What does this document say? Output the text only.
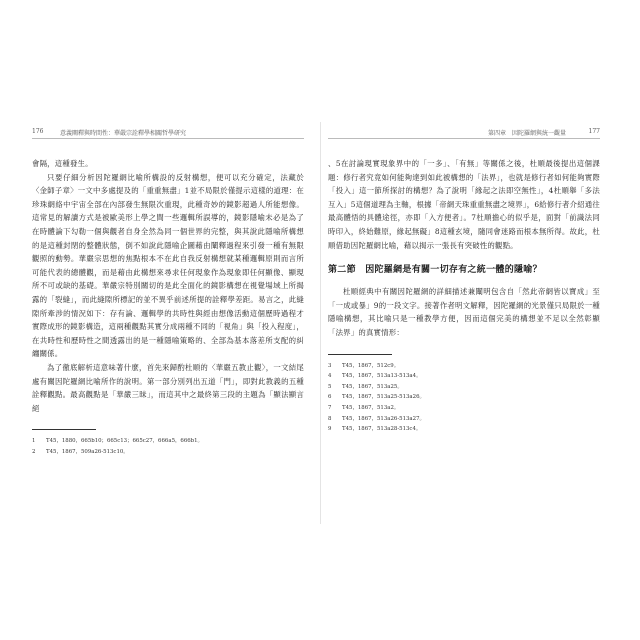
176	意義闡釋與時間性：華嚴宗詮釋學相關哲學研究

會隔，這種發生。

只要仔細分析因陀羅網比喻所構設的反射構想，便可以充分確定，法藏於〈金師子章〉一文中多處提及的「重重無盡」1並不局限於僅提示這樣的道理：在珍珠網絡中宇宙全部在內部發生無限次重現，此種奇妙的鏡影超過人所能想像。這常見的解讀方式是被歐美形上學之間一些邏輯所誤導的，鏡影隱喻未必是為了在時體論下勾勒一個與觀者自身全然為同一個世界的完整，與其說此隱喻所構想的是這種封閉的整體狀態，倒不如說此隱喻企圖藉由闡釋過程來引發一種有無限觀照的動勢。華嚴宗思想的焦點根本不在此自我反射構想就某種邏輯原則而言所可能代表的總體觀，而是藉由此構想來尋求任何現象作為現象即任何顯像、顯現所不可或缺的基礎。華嚴宗特別關切的是此全面化的鏡影構想在視覺場域上所揭露的「裂縫」，而此縫隙所標記的並不異乎前述所提的詮釋學差距。易言之，此縫隙所牽涉的情況如下：存有論、邏輯學的共時性與經由想像活動這個歷時過程才實際成形的鏡影構造，這兩種觀點其實分成兩種不同的「視角」與「投入程度」，在共時性和歷時性之間透露出的是一種隱喻策略的、全部為基本落差所支配的糾纏關係。

為了徹底解析這意味著什麼，首先來歸酌杜順的〈華嚴五教止觀〉，一文結尾處有關因陀羅網比喻所作的說明。第一部分別列出五道「門」，即對此教義的五種詮釋觀點。最高觀點是「華嚴三昧」，而這其中之最終第三段的主題為「顯法顯言絕

1 T45，1880，665b10；665c13；665c27，666a5，666b1。
2 T45，1867，509a26-513c10。
第四章　因陀羅網與統一觀量	177

、5在討論現實現象界中的「一多」、「有無」等關係之後，杜順最後提出這個課題：修行者究竟如何能夠達到如此被構想的「法界」，也就是修行者如何能夠實際「投入」這一節所探討的構想？為了說明「緣起之法即空無性」，4杜順舉「多法互入」5這個道理為主軸，根據「帝網天珠重重無盡之境界」，6給修行者介紹通往最高體悟的具體途徑，亦即「入方便者」。7杜順擔心的似乎是，面對「前識法同時印入，終始難原，緣起無礙」8這種玄境，隨同會迷路而根本無所得。故此，杜順借助因陀羅網比喻，藉以揭示一張長有突破性的觀點。

第二節　因陀羅網是有關一切存有之統一體的隱喻？

杜順經典中有關因陀羅網的詳細描述兼闡明包含自「然此帝網皆以寶成」至「一成或暴」9的一段文字。接著作者明文解釋，因陀羅網的光景僅只局限於一種隱喻構想，其比喻只是一種教學方便，因而這個完美的構想並不足以全然彰顯「法界」的真實情形：

3 T45，1867，512c9。
4 T45，1867，513a13-513a4。
5 T45，1867，513a25。
6 T45，1867，513a25-513a26。
7 T45，1867，513a2。
8 T45，1867，513a26-513a27。
9 T45，1867，513a28-513c4。
